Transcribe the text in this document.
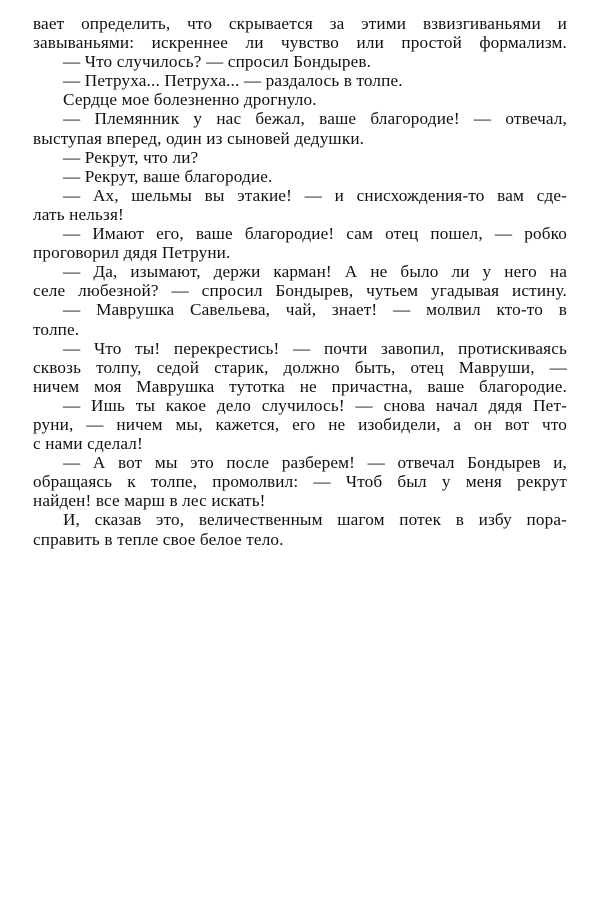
вает определить, что скрывается за этими взвизгиваньями и
завываньями: искреннее ли чувство или простой формализм.
— Что случилось? — спросил Бондырев.
— Петруха... Петруха... — раздалось в толпе.
Сердце мое болезненно дрогнуло.
— Племянник у нас бежал, ваше благородие! — отвечал,
выступая вперед, один из сыновей дедушки.
— Рекрут, что ли?
— Рекрут, ваше благородие.
— Ах, шельмы вы этакие! — и снисхождения-то вам сде-
лать нельзя!
— Имают его, ваше благородие! сам отец пошел, — робко
проговорил дядя Петруни.
— Да, изымают, держи карман! А не было ли у него на
селе любезной? — спросил Бондырев, чутьем угадывая истину.
— Маврушка Савельева, чай, знает! — молвил кто-то в
толпе.
— Что ты! перекрестись! — почти завопил, протискиваясь
сквозь толпу, седой старик, должно быть, отец Мавруши, —
ничем моя Маврушка тутотка не причастна, ваше благородие.
— Ишь ты какое дело случилось! — снова начал дядя Пет-
руни, — ничем мы, кажется, его не изобидели, а он вот что
с нами сделал!
— А вот мы это после разберем! — отвечал Бондырев и,
обращаясь к толпе, промолвил: — Чтоб был у меня рекрут
найден! все марш в лес искать!
И, сказав это, величественным шагом потек в избу пора-
справить в тепле свое белое тело.
